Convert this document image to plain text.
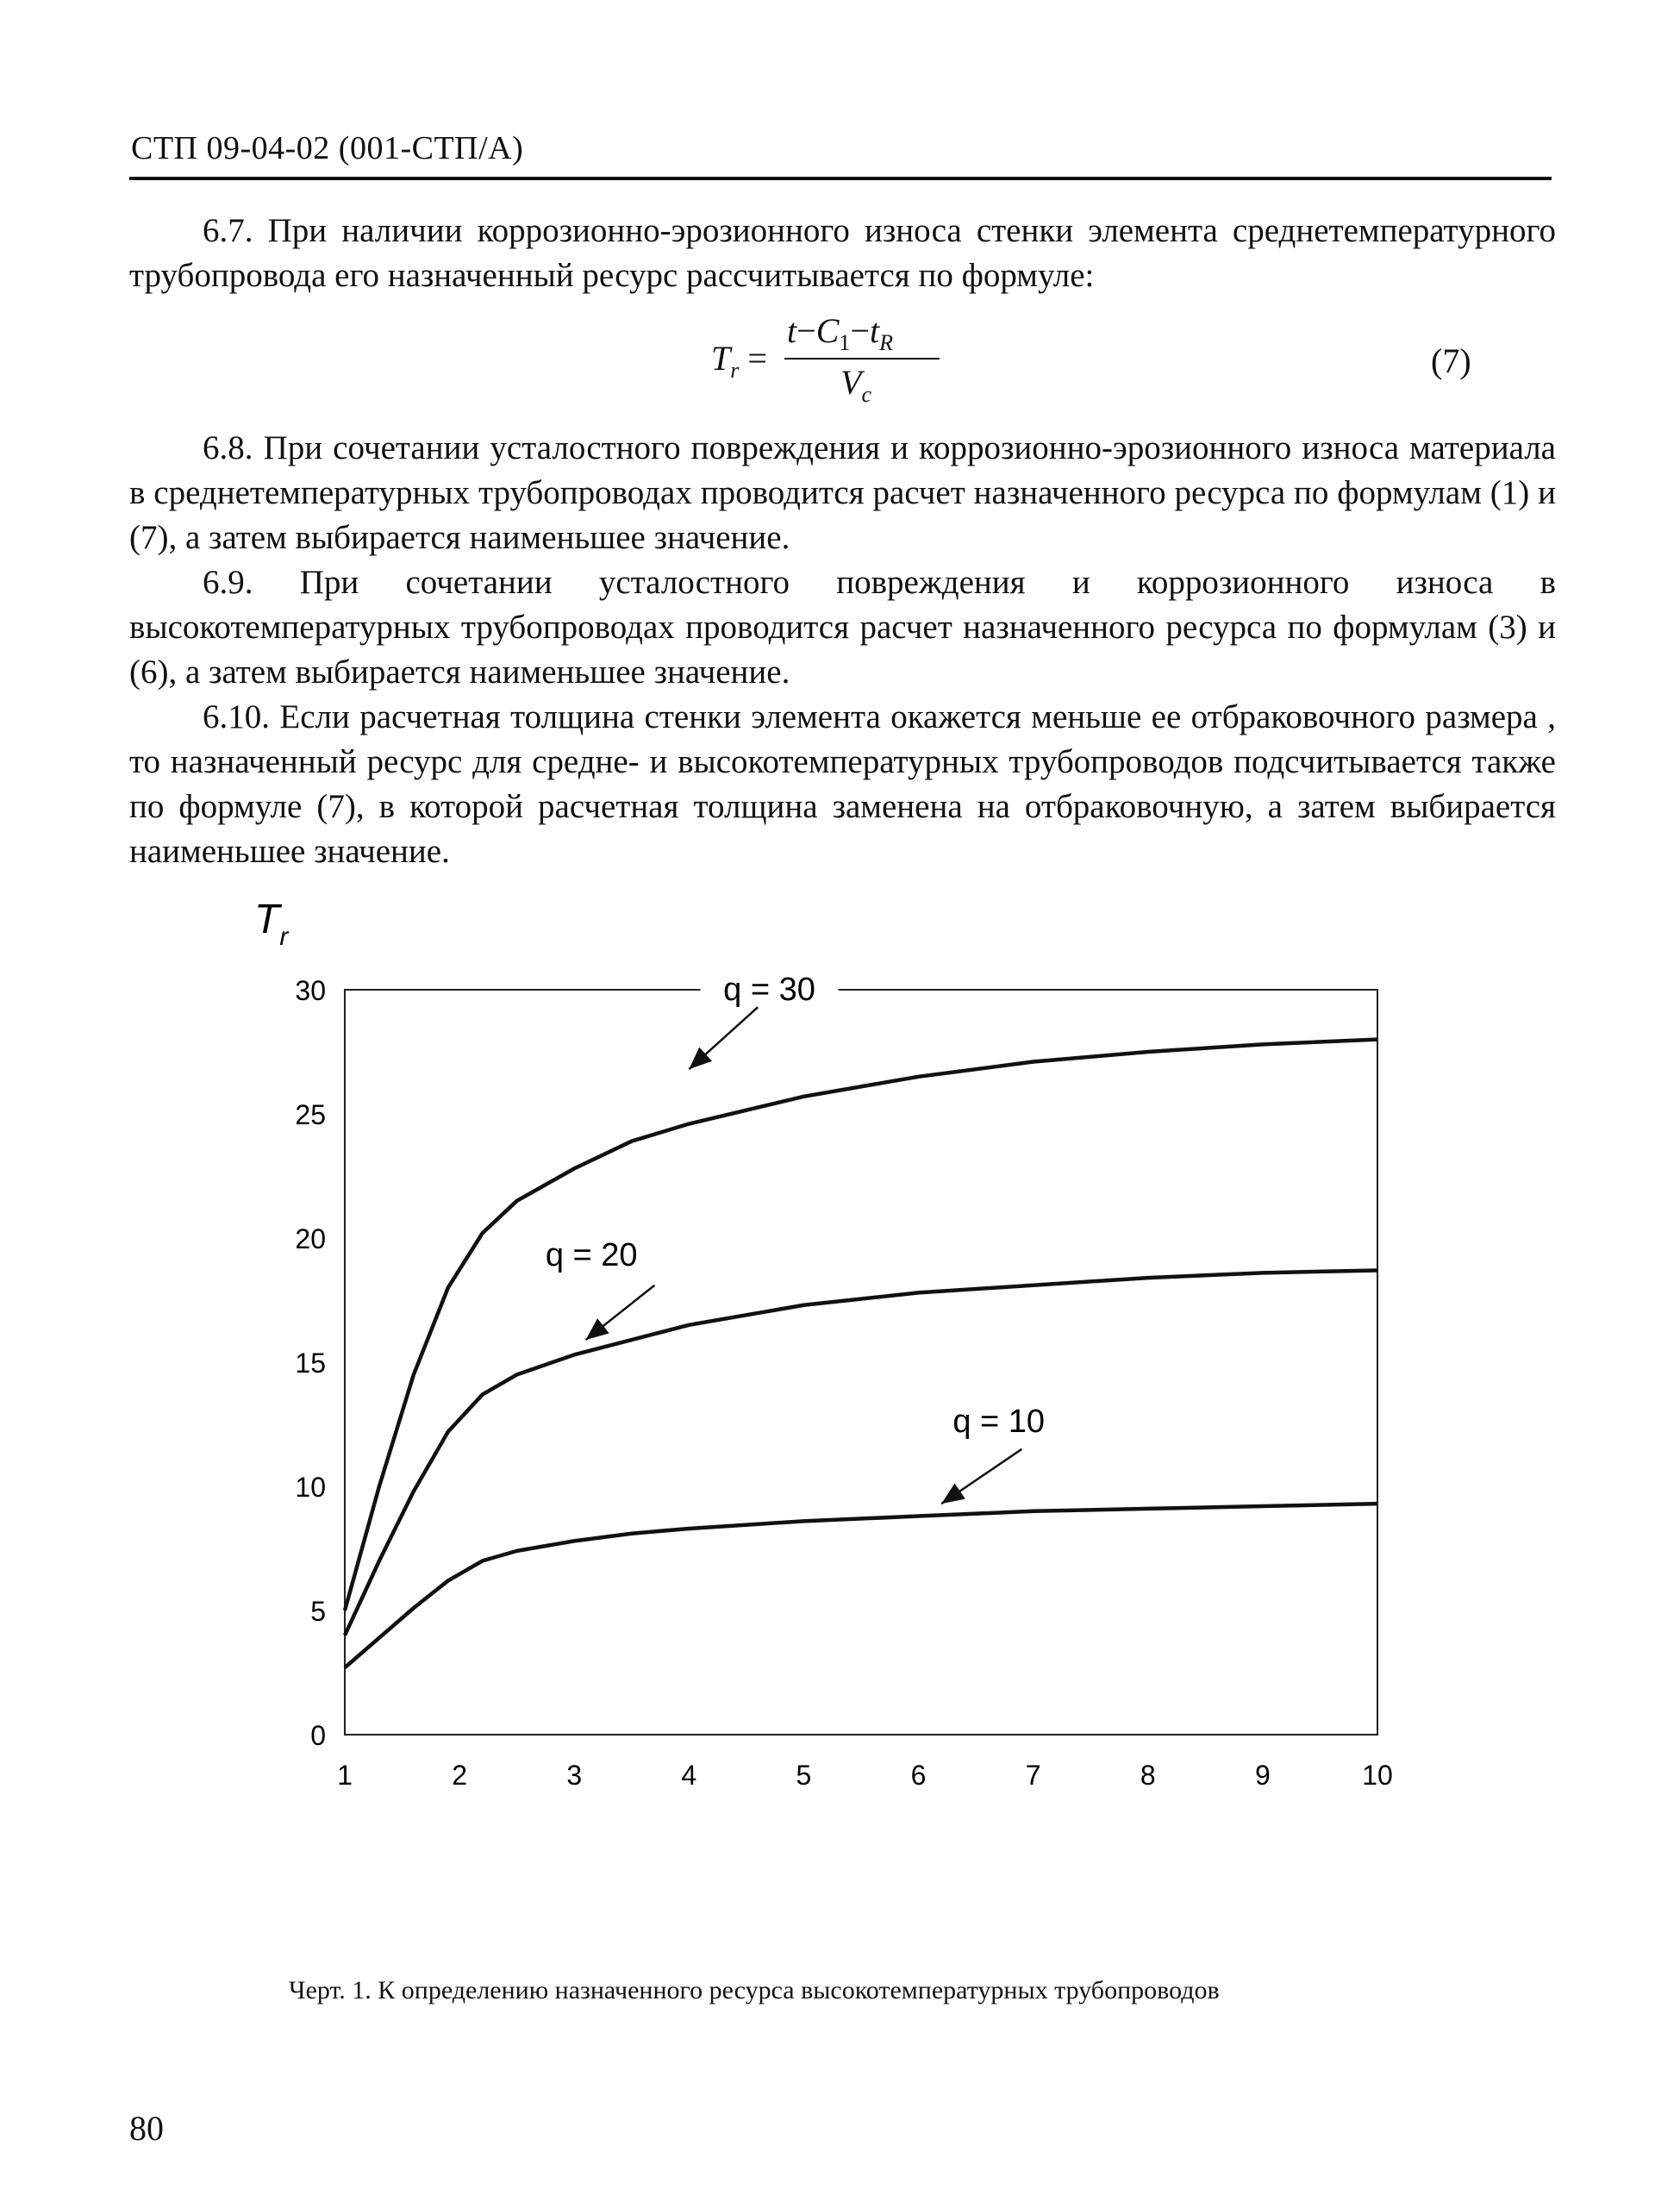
СТП 09-04-02 (001-СТП/А)

6.7. При наличии коррозионно-эрозионного износа стенки элемента среднетемпературного трубопровода его назначенный ресурс рассчитывается по формуле:

$T_r$ =
$t-C_1-t_R$
$V_c$
(7)

6.8. При сочетании усталостного повреждения и коррозионно-эрозионного износа материала в среднетемпературных трубопроводах проводится расчет назначенного ресурса по формулам (1) и (7), а затем выбирается наименьшее значение.

6.9. При сочетании усталостного повреждения и коррозионного износа в высокотемпературных трубопроводах проводится расчет назначенного ресурса по формулам (3) и (6), а затем выбирается наименьшее значение.

6.10. Если расчетная толщина стенки элемента окажется меньше ее отбраковочного размера , то назначенный ресурс для средне- и высокотемпературных трубопроводов подсчитывается также по формуле (7), в которой расчетная толщина заменена на отбраковочную, а затем выбирается наименьшее значение.

$T_r$
0
5
10
15
20
25
30
1	2	3	4	5	6	7	8	9	10
q = 30
q = 20
q = 10
Черт. 1. К определению назначенного ресурса высокотемпературных трубопроводов
80
